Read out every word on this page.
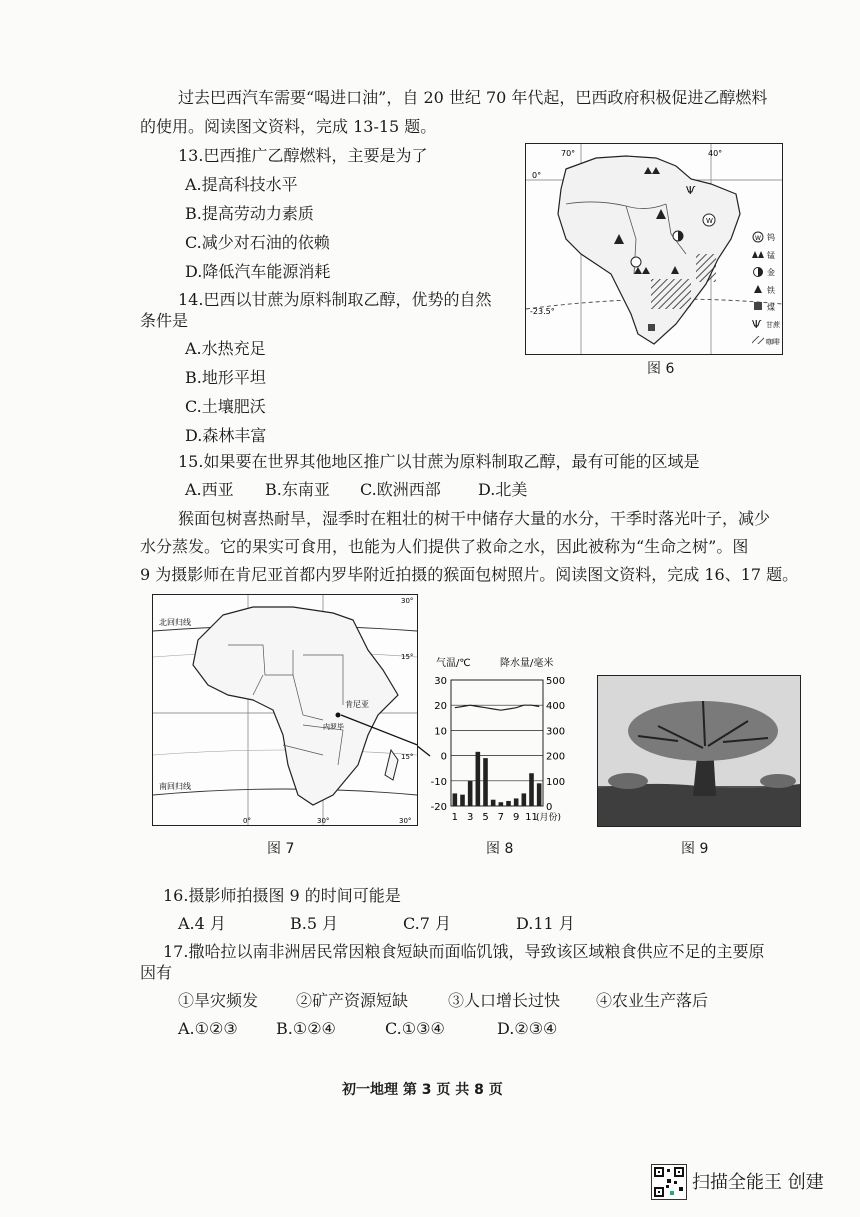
过去巴西汽车需要“喝进口油”，自 20 世纪 70 年代起，巴西政府积极促进乙醇燃料
的使用。阅读图文资料，完成 13-15 题。
13.巴西推广乙醇燃料，主要是为了
A.提高科技水平
B.提高劳动力素质
C.减少对石油的依赖
D.降低汽车能源消耗
14.巴西以甘蔗为原料制取乙醇，优势的自然
条件是
A.水热充足
B.地形平坦
C.土壤肥沃
D.森林丰富
70°	40°
0°
-23.5°
W
Ѱ
W 钨
锰
金
铁
煤
Ѱ 甘蔗
咖啡
图 6
15.如果要在世界其他地区推广以甘蔗为原料制取乙醇，最有可能的区域是
A.西亚 B.东南亚 C.欧洲西部 D.北美
猴面包树喜热耐旱，湿季时在粗壮的树干中储存大量的水分，干季时落光叶子，减少
水分蒸发。它的果实可食用，也能为人们提供了救命之水，因此被称为“生命之树”。图
9 为摄影师在肯尼亚首都内罗毕附近拍摄的猴面包树照片。阅读图文资料，完成 16、17 题。
北回归线
南回归线
肯尼亚
内罗毕
30°
15°
15°
0°	30°	30°
图 7
气温/℃	降水量/毫米
30
20
10
0
-10
-20
500
400
300
200
100
0
1 3 5 7 9 11
(月份)
图 8	图 9
16.摄影师拍摄图 9 的时间可能是
A.4 月	B.5 月	C.7 月	D.11 月
17.撒哈拉以南非洲居民常因粮食短缺而面临饥饿，导致该区域粮食供应不足的主要原
因有
①旱灾频发 ②矿产资源短缺 ③人口增长过快 ④农业生产落后
A.①②③ B.①②④	C.①③④	D.②③④
初一地理 第 3 页 共 8 页
扫描全能王 创建
